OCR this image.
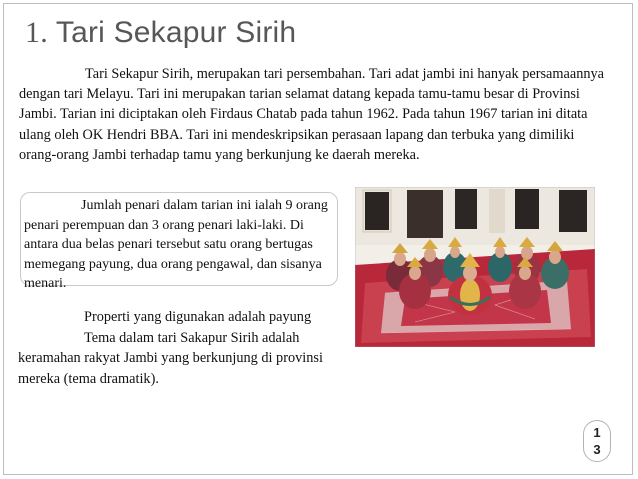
1. Tari Sekapur Sirih
Tari Sekapur Sirih, merupakan tari persembahan. Tari adat jambi ini hanyak persamaannya dengan tari Melayu. Tari ini merupakan tarian selamat datang kepada tamu-tamu besar di Provinsi Jambi. Tarian ini diciptakan oleh Firdaus Chatab pada tahun 1962. Pada tahun 1967 tarian ini ditata ulang oleh OK Hendri BBA. Tari ini mendeskripsikan perasaan lapang dan terbuka yang dimiliki orang-orang Jambi terhadap tamu yang berkunjung ke daerah mereka.
Jumlah penari dalam tarian ini ialah 9 orang penari perempuan dan 3 orang penari laki-laki. Di antara dua belas penari tersebut satu orang bertugas memegang payung, dua orang pengawal, dan sisanya menari.
Properti yang digunakan adalah payung
Tema dalam tari Sakapur Sirih adalah keramahan rakyat Jambi yang berkunjung di provinsi mereka (tema dramatik).
1
3
